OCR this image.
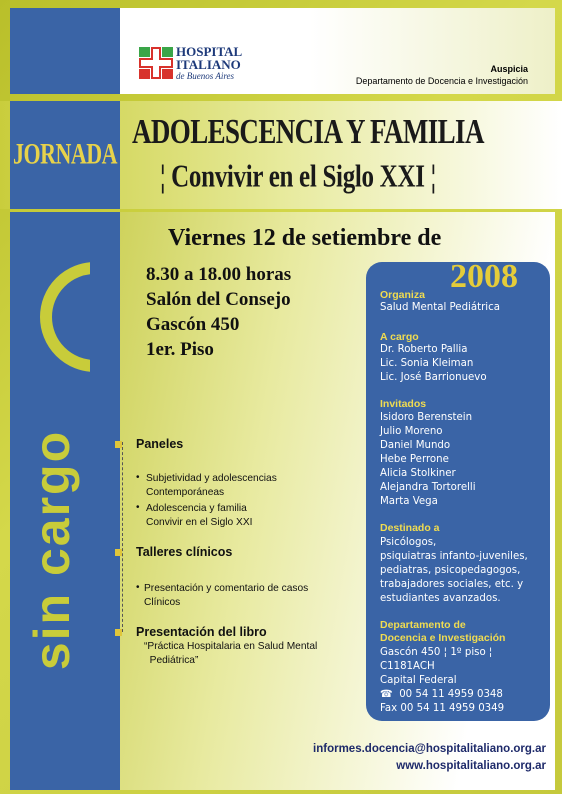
HOSPITAL
ITALIANO
de Buenos Aires
Auspicia
Departamento de Docencia e Investigación
JORNADA
ADOLESCENCIA Y FAMILIA
¦ Convivir en el Siglo XXI ¦
sin cargo
Viernes 12 de setiembre de
8.30 a 18.00 horas
Salón del Consejo
Gascón 450
1er. Piso
2008
Organiza
Salud Mental Pediátrica
A cargo
Dr. Roberto Pallia
Lic. Sonia Kleiman
Lic. José Barrionuevo
Invitados
Isidoro Berenstein
Julio Moreno
Daniel Mundo
Hebe Perrone
Alicia Stolkiner
Alejandra Tortorelli
Marta Vega
Destinado a
Psicólogos,
psiquiatras infanto-juveniles,
pediatras, psicopedagogos,
trabajadores sociales, etc. y
estudiantes avanzados.
Departamento de
Docencia e Investigación
Gascón 450 ¦ 1º piso ¦
C1181ACH
Capital Federal
☎ 00 54 11 4959 0348
Fax 00 54 11 4959 0349
Paneles
• Subjetividad y adolescencias
Contemporáneas
• Adolescencia y familia
Convivir en el Siglo XXI
Talleres clínicos
• Presentación y comentario de casos
Clínicos
Presentación del libro
“Práctica Hospitalaria en Salud Mental
Pediátrica”
informes.docencia@hospitalitaliano.org.ar
www.hospitalitaliano.org.ar
